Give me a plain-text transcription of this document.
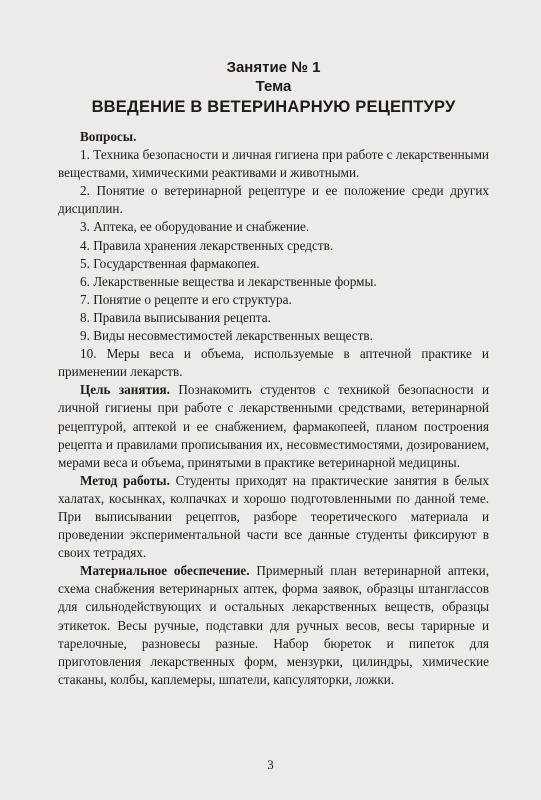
Занятие № 1
Тема
ВВЕДЕНИЕ В ВЕТЕРИНАРНУЮ РЕЦЕПТУРУ

Вопросы.

1. Техника безопасности и личная гигиена при работе с лекарственными веществами, химическими реактивами и животными.

2. Понятие о ветеринарной рецептуре и ее положение среди других дисциплин.

3. Аптека, ее оборудование и снабжение.

4. Правила хранения лекарственных средств.

5. Государственная фармакопея.

6. Лекарственные вещества и лекарственные формы.

7. Понятие о рецепте и его структура.

8. Правила выписывания рецепта.

9. Виды несовместимостей лекарственных веществ.

10. Меры веса и объема, используемые в аптечной практике и применении лекарств.

Цель занятия. Познакомить студентов с техникой безопасности и личной гигиены при работе с лекарственными средствами, ветеринарной рецептурой, аптекой и ее снабжением, фармакопеей, планом построения рецепта и правилами прописывания их, несовместимостями, дозированием, мерами веса и объема, принятыми в практике ветеринарной медицины.

Метод работы. Студенты приходят на практические занятия в белых халатах, косынках, колпачках и хорошо подготовленными по данной теме. При выписывании рецептов, разборе теоретического материала и проведении экспериментальной части все данные студенты фиксируют в своих тетрадях.

Материальное обеспечение. Примерный план ветеринарной аптеки, схема снабжения ветеринарных аптек, форма заявок, образцы штанглассов для сильнодействующих и остальных лекарственных веществ, образцы этикеток. Весы ручные, подставки для ручных весов, весы тарирные и тарелочные, разновесы разные. Набор бюреток и пипеток для приготовления лекарственных форм, мензурки, цилиндры, химические стаканы, колбы, каплемеры, шпатели, капсуляторки, ложки.

3
